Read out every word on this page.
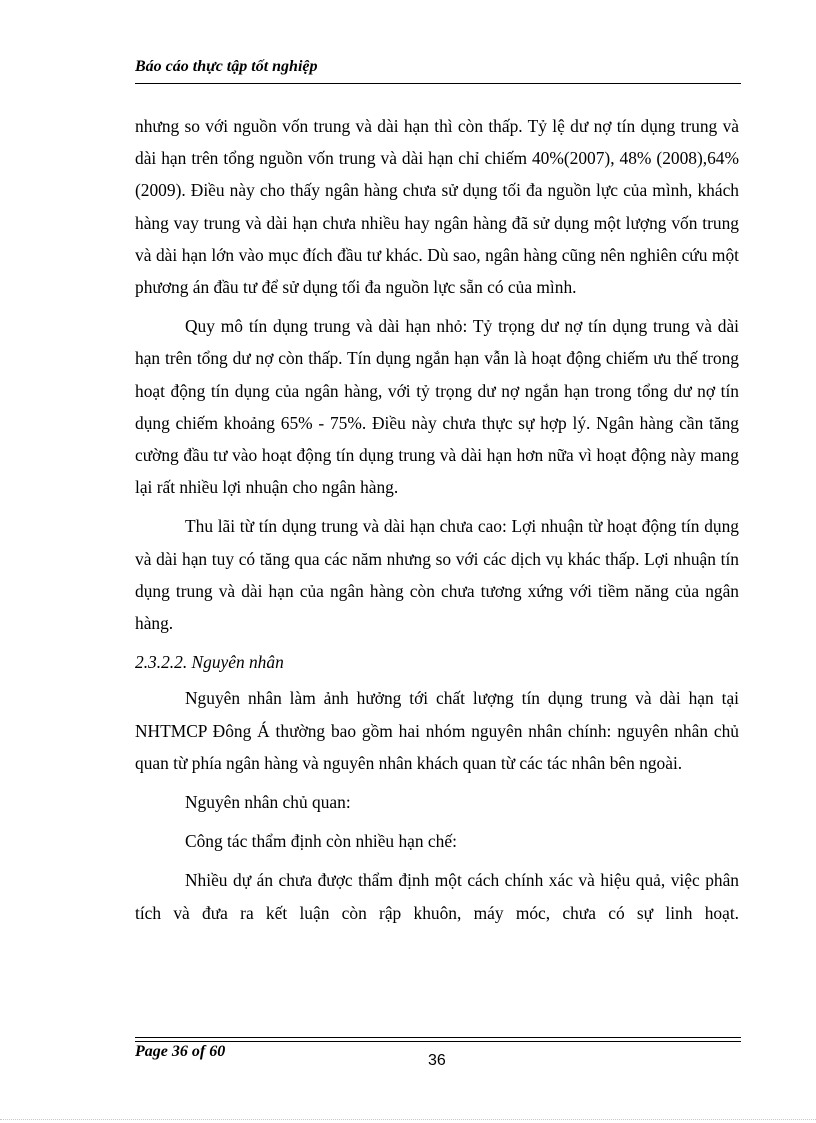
Báo cáo thực tập tốt nghiệp

nhưng so với nguồn vốn trung và dài hạn thì còn thấp. Tỷ lệ dư nợ tín dụng trung và dài hạn trên tổng nguồn vốn trung và dài hạn chỉ chiếm 40%(2007), 48% (2008),64%(2009). Điều này cho thấy ngân hàng chưa sử dụng tối đa nguồn lực của mình, khách hàng vay trung và dài hạn chưa nhiều hay ngân hàng đã sử dụng một lượng vốn trung và dài hạn lớn vào mục đích đầu tư khác. Dù sao, ngân hàng cũng nên nghiên cứu một phương án đầu tư để sử dụng tối đa nguồn lực sẵn có của mình.

Quy mô tín dụng trung và dài hạn nhỏ: Tỷ trọng dư nợ tín dụng trung và dài hạn trên tổng dư nợ còn thấp. Tín dụng ngắn hạn vẫn là hoạt động chiếm ưu thế trong hoạt động tín dụng của ngân hàng, với tỷ trọng dư nợ ngắn hạn trong tổng dư nợ tín dụng chiếm khoảng 65% - 75%. Điều này chưa thực sự hợp lý. Ngân hàng cần tăng cường đầu tư vào hoạt động tín dụng trung và dài hạn hơn nữa vì hoạt động này mang lại rất nhiều lợi nhuận cho ngân hàng.

Thu lãi từ tín dụng trung và dài hạn chưa cao: Lợi nhuận từ hoạt động tín dụng và dài hạn tuy có tăng qua các năm nhưng so với các dịch vụ khác thấp. Lợi nhuận tín dụng trung và dài hạn của ngân hàng còn chưa tương xứng với tiềm năng của ngân hàng.

2.3.2.2. Nguyên nhân

Nguyên nhân làm ảnh hưởng tới chất lượng tín dụng trung và dài hạn tại NHTMCP Đông Á thường bao gồm hai nhóm nguyên nhân chính: nguyên nhân chủ quan từ phía ngân hàng và nguyên nhân khách quan từ các tác nhân bên ngoài.

Nguyên nhân chủ quan:

Công tác thẩm định còn nhiều hạn chế:

Nhiều dự án chưa được thẩm định một cách chính xác và hiệu quả, việc phân tích và đưa ra kết luận còn rập khuôn, máy móc, chưa có sự linh hoạt.

Page 36 of 60
36
